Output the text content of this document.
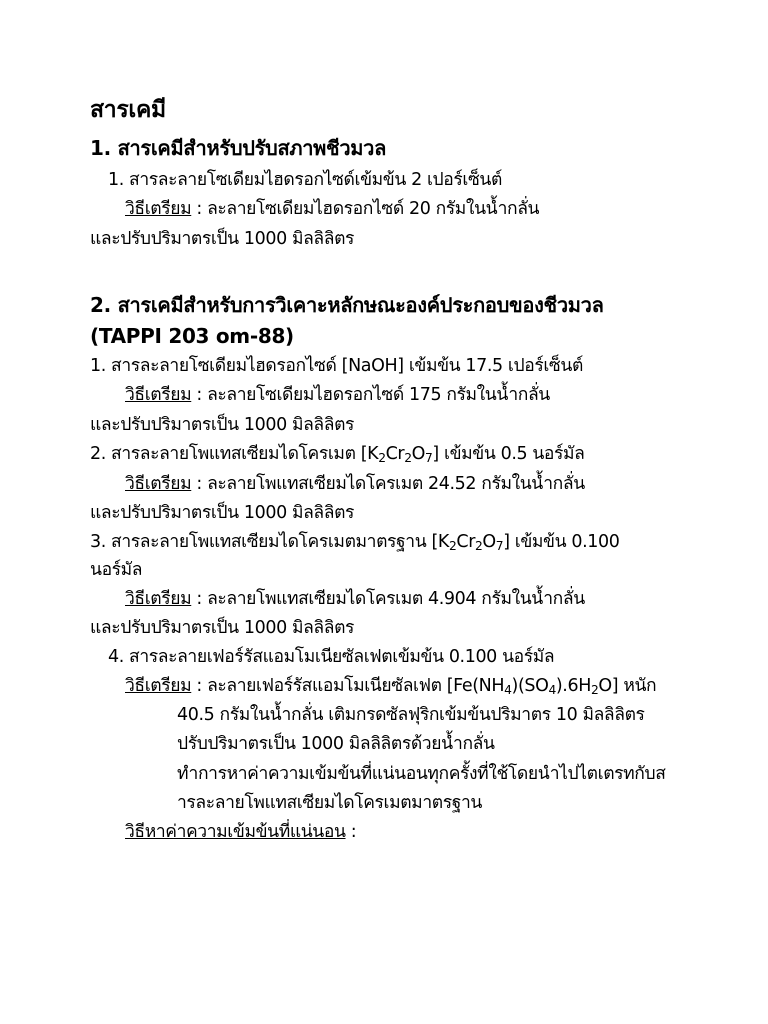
สารเคมี
1. สารเคมีสำหรับปรับสภาพชีวมวล
1. สารละลายโซเดียมไฮดรอกไซด์เข้มข้น 2 เปอร์เซ็นต์
วิธีเตรียม : ละลายโซเดียมไฮดรอกไซด์ 20 กรัมในน้ำกลั่น
และปรับปริมาตรเป็น 1000 มิลลิลิตร
2. สารเคมีสำหรับการวิเคาะหลักษณะองค์ประกอบของชีวมวล
(TAPPI 203 om-88)
1. สารละลายโซเดียมไฮดรอกไซด์ [NaOH] เข้มข้น 17.5 เปอร์เซ็นต์
วิธีเตรียม : ละลายโซเดียมไฮดรอกไซด์ 175 กรัมในน้ำกลั่น
และปรับปริมาตรเป็น 1000 มิลลิลิตร
2. สารละลายโพแทสเซียมไดโครเมต $[K_2Cr_2O_7]$ เข้มข้น 0.5 นอร์มัล
วิธีเตรียม : ละลายโพแทสเซียมไดโครเมต 24.52 กรัมในน้ำกลั่น
และปรับปริมาตรเป็น 1000 มิลลิลิตร
3. สารละลายโพแทสเซียมไดโครเมตมาตรฐาน $[K_2Cr_2O_7]$ เข้มข้น 0.100
นอร์มัล
วิธีเตรียม : ละลายโพแทสเซียมไดโครเมต 4.904 กรัมในน้ำกลั่น
และปรับปริมาตรเป็น 1000 มิลลิลิตร
4. สารละลายเฟอร์รัสแอมโมเนียซัลเฟตเข้มข้น 0.100 นอร์มัล
วิธีเตรียม : ละลายเฟอร์รัสแอมโมเนียซัลเฟต $[Fe(NH_4)(SO_4).6H_2O]$ หนัก
40.5 กรัมในน้ำกลั่น เติมกรดซัลฟุริกเข้มข้นปริมาตร 10 มิลลิลิตร
ปรับปริมาตรเป็น 1000 มิลลิลิตรด้วยน้ำกลั่น
ทำการหาค่าความเข้มข้นที่แน่นอนทุกครั้งที่ใช้โดยนำไปไตเตรทกับส
ารละลายโพแทสเซียมไดโครเมตมาตรฐาน
วิธีหาค่าความเข้มข้นที่แน่นอน :
